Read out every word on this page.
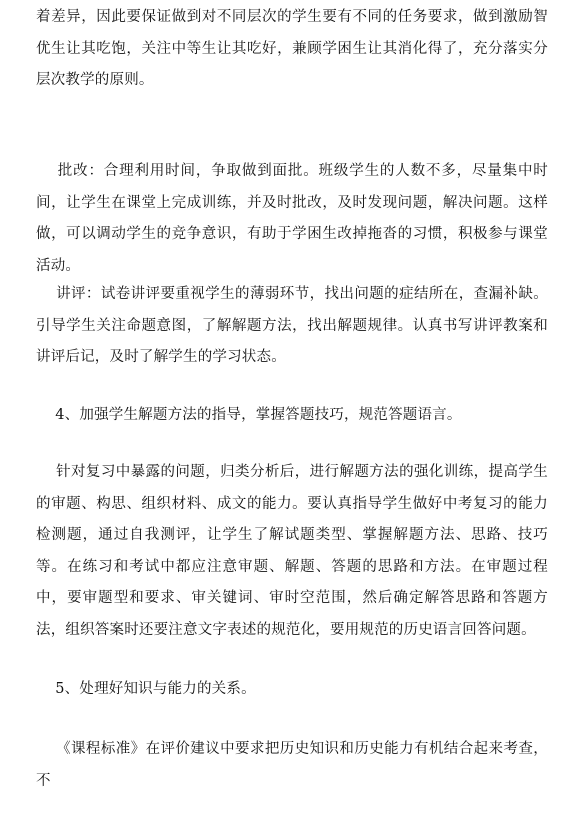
着差异，因此要保证做到对不同层次的学生要有不同的任务要求，做到激励智优生让其吃饱，关注中等生让其吃好，兼顾学困生让其消化得了，充分落实分层次教学的原则。

批改：合理利用时间，争取做到面批。班级学生的人数不多，尽量集中时间，让学生在课堂上完成训练，并及时批改，及时发现问题，解决问题。这样做，可以调动学生的竞争意识，有助于学困生改掉拖沓的习惯，积极参与课堂活动。

讲评：试卷讲评要重视学生的薄弱环节，找出问题的症结所在，查漏补缺。引导学生关注命题意图，了解解题方法，找出解题规律。认真书写讲评教案和讲评后记，及时了解学生的学习状态。

4、加强学生解题方法的指导，掌握答题技巧，规范答题语言。

针对复习中暴露的问题，归类分析后，进行解题方法的强化训练，提高学生的审题、构思、组织材料、成文的能力。要认真指导学生做好中考复习的能力检测题，通过自我测评，让学生了解试题类型、掌握解题方法、思路、技巧等。在练习和考试中都应注意审题、解题、答题的思路和方法。在审题过程中，要审题型和要求、审关键词、审时空范围，然后确定解答思路和答题方法，组织答案时还要注意文字表述的规范化，要用规范的历史语言回答问题。

5、处理好知识与能力的关系。

《课程标准》在评价建议中要求把历史知识和历史能力有机结合起来考查，不
